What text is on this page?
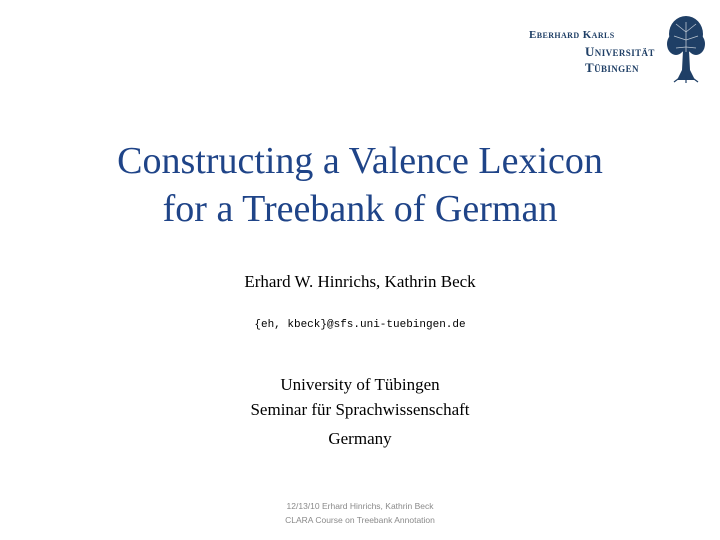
Eberhard Karls
Universität
Tübingen
Constructing a Valence Lexicon
for a Treebank of German
Erhard W. Hinrichs, Kathrin Beck
{eh, kbeck}@sfs.uni-tuebingen.de
University of Tübingen
Seminar für Sprachwissenschaft
Germany
12/13/10 Erhard Hinrichs, Kathrin Beck
CLARA Course on Treebank Annotation
